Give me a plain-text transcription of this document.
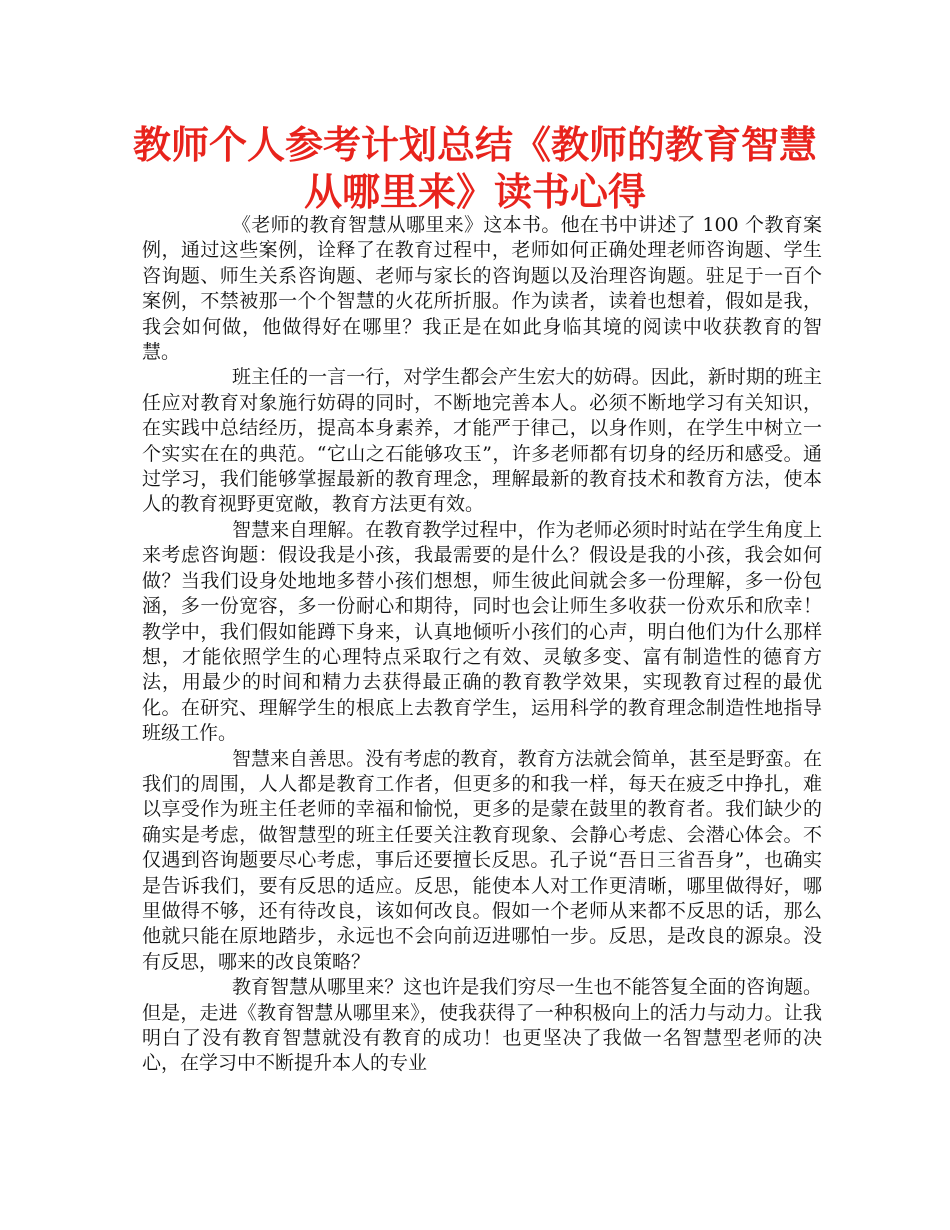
教师个人参考计划总结《教师的教育智慧
从哪里来》读书心得

《老师的教育智慧从哪里来》这本书。他在书中讲述了 100 个教育案例，通过这些案例，诠释了在教育过程中，老师如何正确处理老师咨询题、学生咨询题、师生关系咨询题、老师与家长的咨询题以及治理咨询题。驻足于一百个案例，不禁被那一个个智慧的火花所折服。作为读者，读着也想着，假如是我，我会如何做，他做得好在哪里？我正是在如此身临其境的阅读中收获教育的智慧。

班主任的一言一行，对学生都会产生宏大的妨碍。因此，新时期的班主任应对教育对象施行妨碍的同时，不断地完善本人。必须不断地学习有关知识，在实践中总结经历，提高本身素养，才能严于律己，以身作则，在学生中树立一个实实在在的典范。“它山之石能够攻玉”，许多老师都有切身的经历和感受。通过学习，我们能够掌握最新的教育理念，理解最新的教育技术和教育方法，使本人的教育视野更宽敞，教育方法更有效。

智慧来自理解。在教育教学过程中，作为老师必须时时站在学生角度上来考虑咨询题：假设我是小孩，我最需要的是什么？假设是我的小孩，我会如何做？当我们设身处地地多替小孩们想想，师生彼此间就会多一份理解，多一份包涵，多一份宽容，多一份耐心和期待，同时也会让师生多收获一份欢乐和欣幸！教学中，我们假如能蹲下身来，认真地倾听小孩们的心声，明白他们为什么那样想，才能依照学生的心理特点采取行之有效、灵敏多变、富有制造性的德育方法，用最少的时间和精力去获得最正确的教育教学效果，实现教育过程的最优化。在研究、理解学生的根底上去教育学生，运用科学的教育理念制造性地指导班级工作。

智慧来自善思。没有考虑的教育，教育方法就会简单，甚至是野蛮。在我们的周围，人人都是教育工作者，但更多的和我一样，每天在疲乏中挣扎，难以享受作为班主任老师的幸福和愉悦，更多的是蒙在鼓里的教育者。我们缺少的确实是考虑，做智慧型的班主任要关注教育现象、会静心考虑、会潜心体会。不仅遇到咨询题要尽心考虑，事后还要擅长反思。孔子说“吾日三省吾身”，也确实是告诉我们，要有反思的适应。反思，能使本人对工作更清晰，哪里做得好，哪里做得不够，还有待改良，该如何改良。假如一个老师从来都不反思的话，那么他就只能在原地踏步，永远也不会向前迈进哪怕一步。反思，是改良的源泉。没有反思，哪来的改良策略？

教育智慧从哪里来？这也许是我们穷尽一生也不能答复全面的咨询题。但是，走进《教育智慧从哪里来》，使我获得了一种积极向上的活力与动力。让我明白了没有教育智慧就没有教育的成功！也更坚决了我做一名智慧型老师的决心，在学习中不断提升本人的专业
